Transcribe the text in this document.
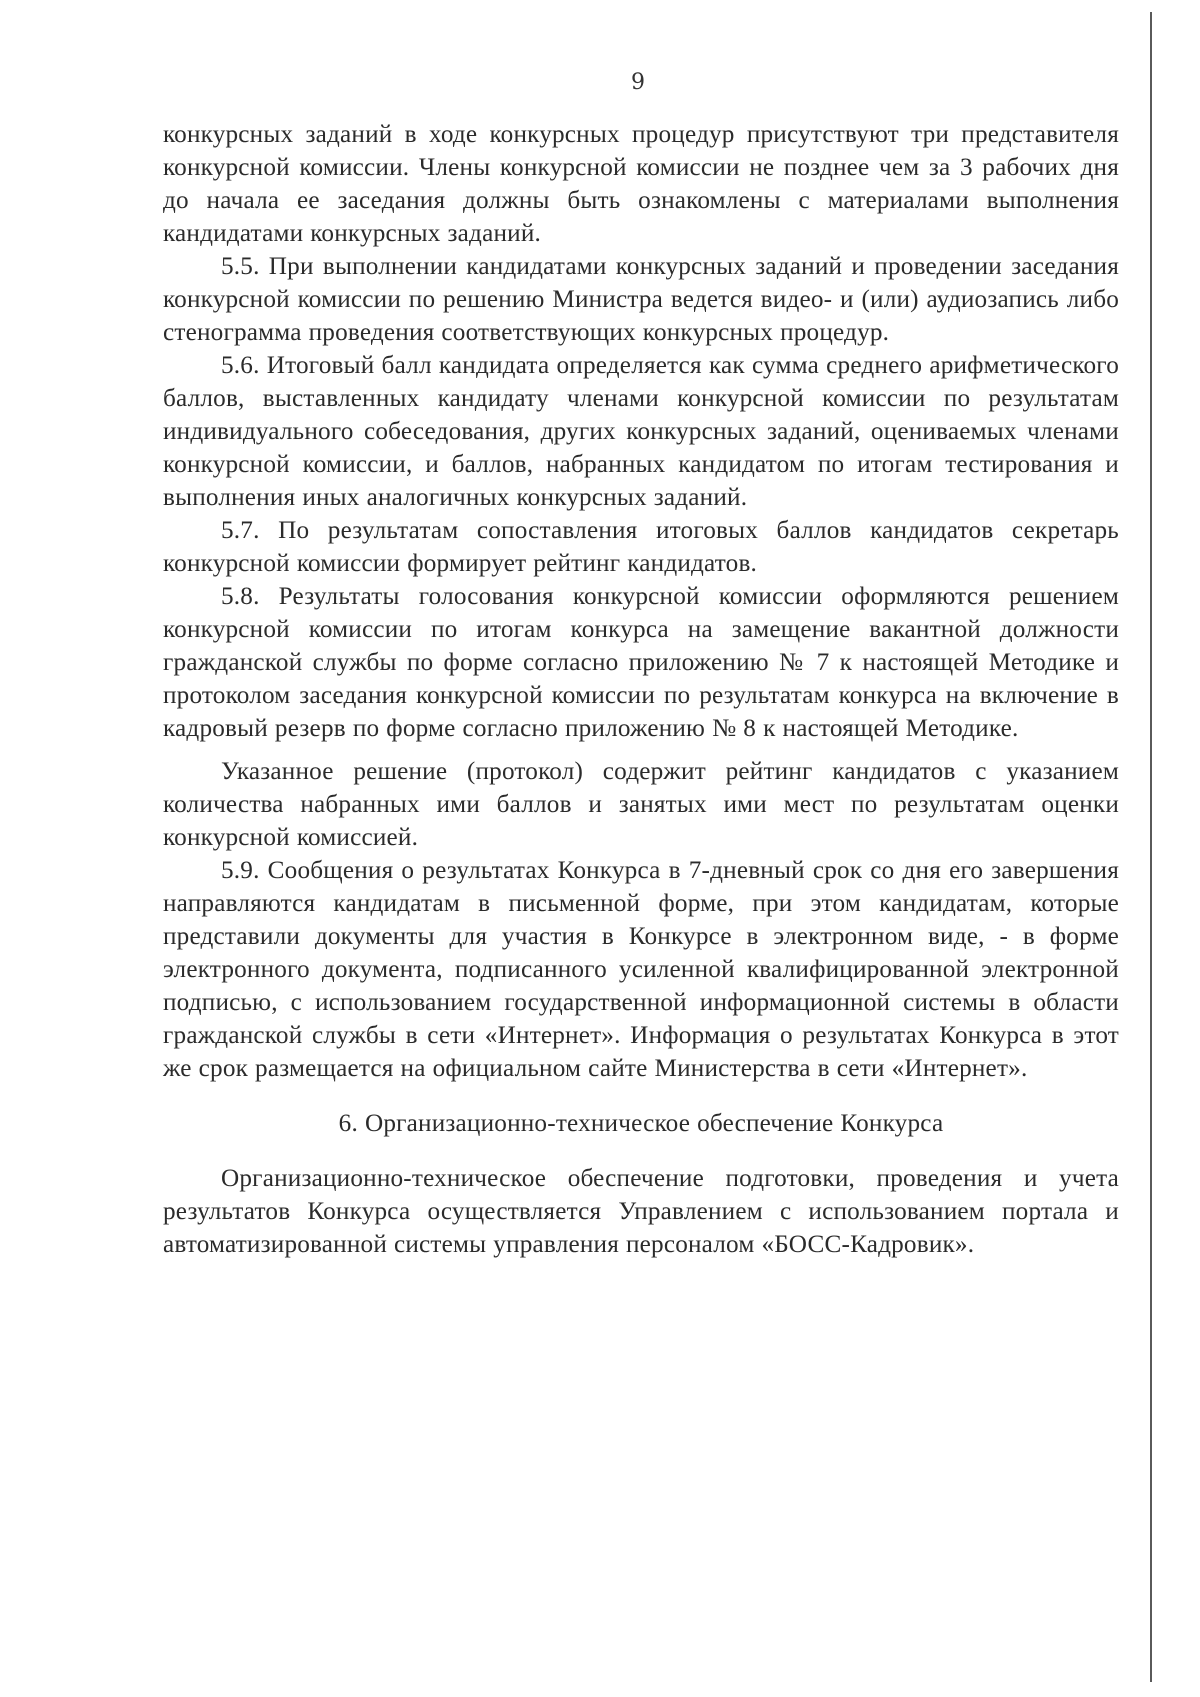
9

конкурсных заданий в ходе конкурсных процедур присутствуют три представителя конкурсной комиссии. Члены конкурсной комиссии не позднее чем за 3 рабочих дня до начала ее заседания должны быть ознакомлены с материалами выполнения кандидатами конкурсных заданий.

5.5. При выполнении кандидатами конкурсных заданий и проведении заседания конкурсной комиссии по решению Министра ведется видео- и (или) аудиозапись либо стенограмма проведения соответствующих конкурсных процедур.

5.6. Итоговый балл кандидата определяется как сумма среднего арифметического баллов, выставленных кандидату членами конкурсной комиссии по результатам индивидуального собеседования, других конкурсных заданий, оцениваемых членами конкурсной комиссии, и баллов, набранных кандидатом по итогам тестирования и выполнения иных аналогичных конкурсных заданий.

5.7. По результатам сопоставления итоговых баллов кандидатов секретарь конкурсной комиссии формирует рейтинг кандидатов.

5.8. Результаты голосования конкурсной комиссии оформляются решением конкурсной комиссии по итогам конкурса на замещение вакантной должности гражданской службы по форме согласно приложению № 7 к настоящей Методике и протоколом заседания конкурсной комиссии по результатам конкурса на включение в кадровый резерв по форме согласно приложению № 8 к настоящей Методике.

Указанное решение (протокол) содержит рейтинг кандидатов с указанием количества набранных ими баллов и занятых ими мест по результатам оценки конкурсной комиссией.

5.9. Сообщения о результатах Конкурса в 7-дневный срок со дня его завершения направляются кандидатам в письменной форме, при этом кандидатам, которые представили документы для участия в Конкурсе в электронном виде, - в форме электронного документа, подписанного усиленной квалифицированной электронной подписью, с использованием государственной информационной системы в области гражданской службы в сети «Интернет». Информация о результатах Конкурса в этот же срок размещается на официальном сайте Министерства в сети «Интернет».

6. Организационно-техническое обеспечение Конкурса

Организационно-техническое обеспечение подготовки, проведения и учета результатов Конкурса осуществляется Управлением с использованием портала и автоматизированной системы управления персоналом «БОСС-Кадровик».
